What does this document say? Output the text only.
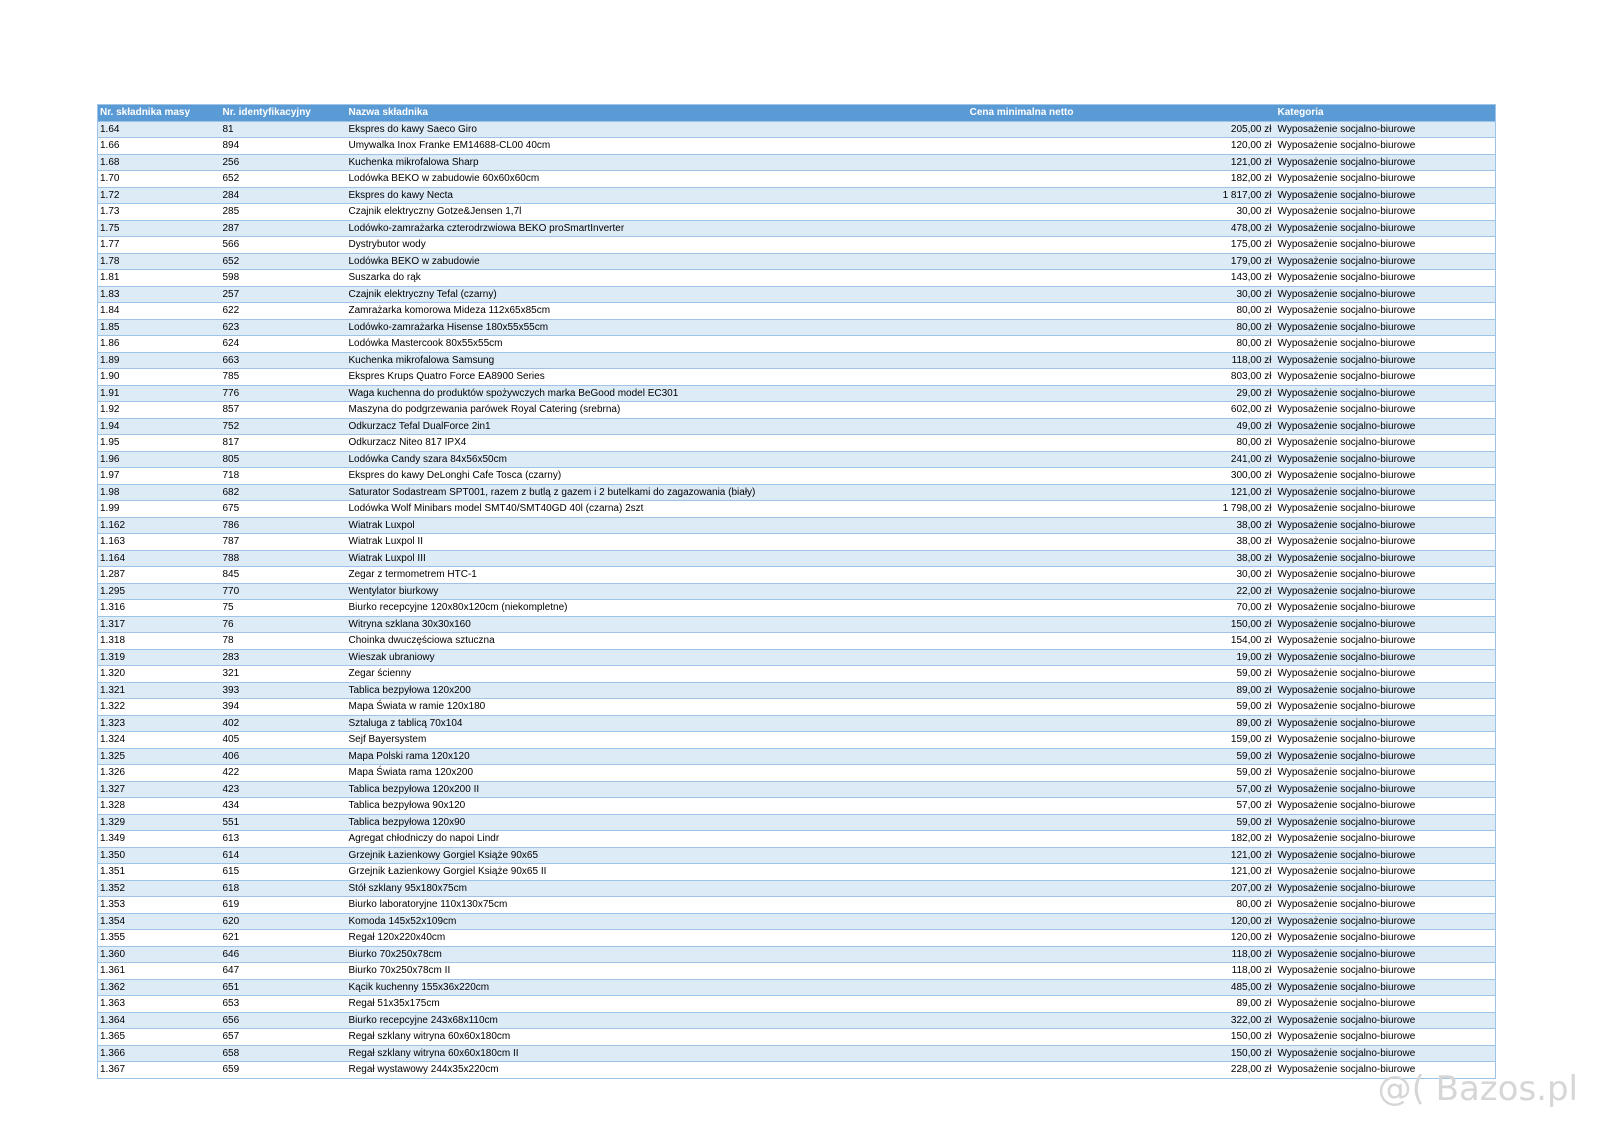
Nr. składnika masy	Nr. identyfikacyjny	Nazwa składnika	Cena minimalna netto	Kategoria
1.64	81	Ekspres do kawy Saeco Giro	205,00 zł	Wyposażenie socjalno-biurowe
1.66	894	Umywalka Inox Franke EM14688-CL00 40cm	120,00 zł	Wyposażenie socjalno-biurowe
1.68	256	Kuchenka mikrofalowa Sharp	121,00 zł	Wyposażenie socjalno-biurowe
1.70	652	Lodówka BEKO w zabudowie 60x60x60cm	182,00 zł	Wyposażenie socjalno-biurowe
1.72	284	Ekspres do kawy Necta	1 817,00 zł	Wyposażenie socjalno-biurowe
1.73	285	Czajnik elektryczny Gotze&Jensen 1,7l	30,00 zł	Wyposażenie socjalno-biurowe
1.75	287	Lodówko-zamrażarka czterodrzwiowa BEKO proSmartInverter	478,00 zł	Wyposażenie socjalno-biurowe
1.77	566	Dystrybutor wody	175,00 zł	Wyposażenie socjalno-biurowe
1.78	652	Lodówka BEKO w zabudowie	179,00 zł	Wyposażenie socjalno-biurowe
1.81	598	Suszarka do rąk	143,00 zł	Wyposażenie socjalno-biurowe
1.83	257	Czajnik elektryczny Tefal (czarny)	30,00 zł	Wyposażenie socjalno-biurowe
1.84	622	Zamrażarka komorowa Mideza 112x65x85cm	80,00 zł	Wyposażenie socjalno-biurowe
1.85	623	Lodówko-zamrażarka Hisense 180x55x55cm	80,00 zł	Wyposażenie socjalno-biurowe
1.86	624	Lodówka Mastercook 80x55x55cm	80,00 zł	Wyposażenie socjalno-biurowe
1.89	663	Kuchenka mikrofalowa Samsung	118,00 zł	Wyposażenie socjalno-biurowe
1.90	785	Ekspres Krups Quatro Force EA8900 Series	803,00 zł	Wyposażenie socjalno-biurowe
1.91	776	Waga kuchenna do produktów spożywczych marka BeGood model EC301	29,00 zł	Wyposażenie socjalno-biurowe
1.92	857	Maszyna do podgrzewania parówek Royal Catering (srebrna)	602,00 zł	Wyposażenie socjalno-biurowe
1.94	752	Odkurzacz Tefal DualForce 2in1	49,00 zł	Wyposażenie socjalno-biurowe
1.95	817	Odkurzacz Niteo 817 IPX4	80,00 zł	Wyposażenie socjalno-biurowe
1.96	805	Lodówka Candy szara 84x56x50cm	241,00 zł	Wyposażenie socjalno-biurowe
1.97	718	Ekspres do kawy DeLonghi Cafe Tosca (czarny)	300,00 zł	Wyposażenie socjalno-biurowe
1.98	682	Saturator Sodastream SPT001, razem z butlą z gazem i 2 butelkami do zagazowania (biały)	121,00 zł	Wyposażenie socjalno-biurowe
1.99	675	Lodówka Wolf Minibars model SMT40/SMT40GD 40l (czarna) 2szt	1 798,00 zł	Wyposażenie socjalno-biurowe
1.162	786	Wiatrak Luxpol	38,00 zł	Wyposażenie socjalno-biurowe
1.163	787	Wiatrak Luxpol II	38,00 zł	Wyposażenie socjalno-biurowe
1.164	788	Wiatrak Luxpol III	38,00 zł	Wyposażenie socjalno-biurowe
1.287	845	Zegar z termometrem HTC-1	30,00 zł	Wyposażenie socjalno-biurowe
1.295	770	Wentylator biurkowy	22,00 zł	Wyposażenie socjalno-biurowe
1.316	75	Biurko recepcyjne 120x80x120cm (niekompletne)	70,00 zł	Wyposażenie socjalno-biurowe
1.317	76	Witryna szklana 30x30x160	150,00 zł	Wyposażenie socjalno-biurowe
1.318	78	Choinka dwuczęściowa sztuczna	154,00 zł	Wyposażenie socjalno-biurowe
1.319	283	Wieszak ubraniowy	19,00 zł	Wyposażenie socjalno-biurowe
1.320	321	Zegar ścienny	59,00 zł	Wyposażenie socjalno-biurowe
1.321	393	Tablica bezpyłowa 120x200	89,00 zł	Wyposażenie socjalno-biurowe
1.322	394	Mapa Świata w ramie 120x180	59,00 zł	Wyposażenie socjalno-biurowe
1.323	402	Sztaluga z tablicą 70x104	89,00 zł	Wyposażenie socjalno-biurowe
1.324	405	Sejf Bayersystem	159,00 zł	Wyposażenie socjalno-biurowe
1.325	406	Mapa Polski rama 120x120	59,00 zł	Wyposażenie socjalno-biurowe
1.326	422	Mapa Świata rama 120x200	59,00 zł	Wyposażenie socjalno-biurowe
1.327	423	Tablica bezpyłowa 120x200 II	57,00 zł	Wyposażenie socjalno-biurowe
1.328	434	Tablica bezpyłowa 90x120	57,00 zł	Wyposażenie socjalno-biurowe
1.329	551	Tablica bezpyłowa 120x90	59,00 zł	Wyposażenie socjalno-biurowe
1.349	613	Agregat chłodniczy do napoi Lindr	182,00 zł	Wyposażenie socjalno-biurowe
1.350	614	Grzejnik Łazienkowy Gorgiel Książe 90x65	121,00 zł	Wyposażenie socjalno-biurowe
1.351	615	Grzejnik Łazienkowy Gorgiel Książe 90x65 II	121,00 zł	Wyposażenie socjalno-biurowe
1.352	618	Stół szklany 95x180x75cm	207,00 zł	Wyposażenie socjalno-biurowe
1.353	619	Biurko laboratoryjne 110x130x75cm	80,00 zł	Wyposażenie socjalno-biurowe
1.354	620	Komoda 145x52x109cm	120,00 zł	Wyposażenie socjalno-biurowe
1.355	621	Regał 120x220x40cm	120,00 zł	Wyposażenie socjalno-biurowe
1.360	646	Biurko 70x250x78cm	118,00 zł	Wyposażenie socjalno-biurowe
1.361	647	Biurko 70x250x78cm II	118,00 zł	Wyposażenie socjalno-biurowe
1.362	651	Kącik kuchenny 155x36x220cm	485,00 zł	Wyposażenie socjalno-biurowe
1.363	653	Regał 51x35x175cm	89,00 zł	Wyposażenie socjalno-biurowe
1.364	656	Biurko recepcyjne 243x68x110cm	322,00 zł	Wyposażenie socjalno-biurowe
1.365	657	Regał szklany witryna 60x60x180cm	150,00 zł	Wyposażenie socjalno-biurowe
1.366	658	Regał szklany witryna 60x60x180cm II	150,00 zł	Wyposażenie socjalno-biurowe
1.367	659	Regał wystawowy 244x35x220cm	228,00 zł	Wyposażenie socjalno-biurowe
@( Bazos.pl
